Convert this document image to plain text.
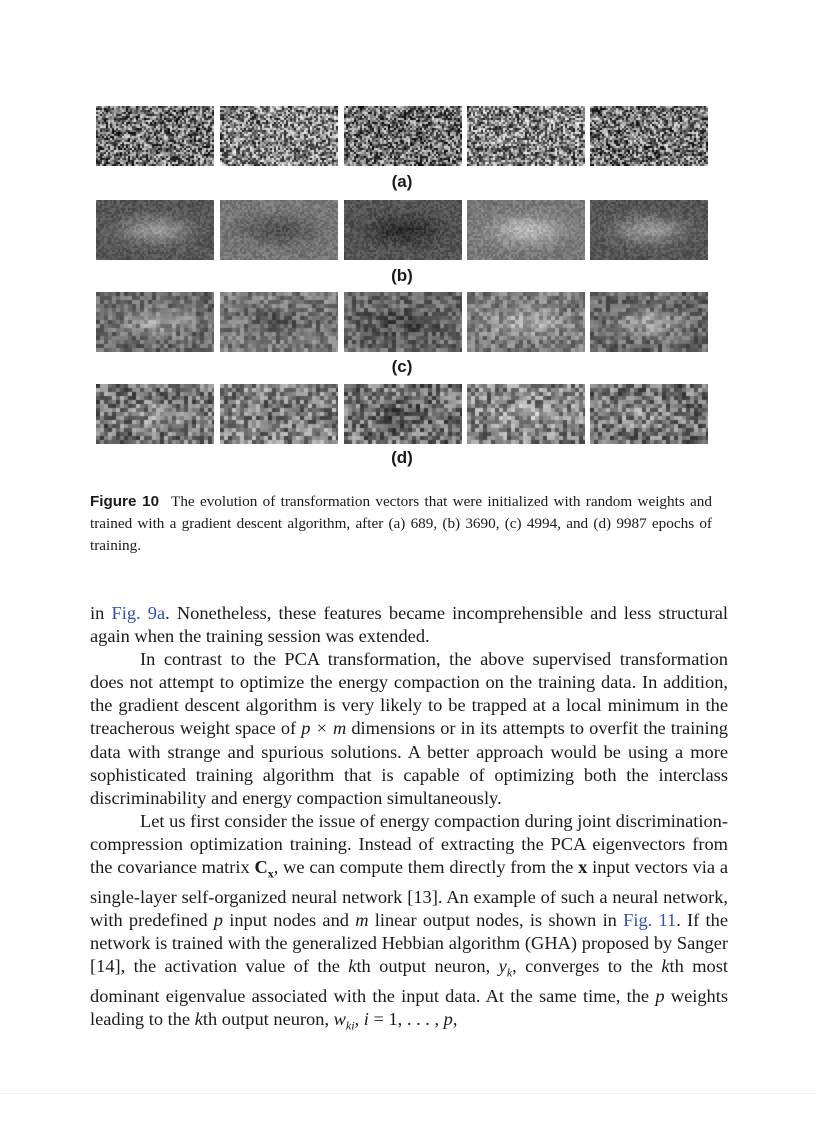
(a)
(b)
(c)
(d)
Figure 10 The evolution of transformation vectors that were initialized with random weights and trained with a gradient descent algorithm, after (a) 689, (b) 3690, (c) 4994, and (d) 9987 epochs of training.

in Fig. 9a. Nonetheless, these features became incomprehensible and less structural again when the training session was extended.

In contrast to the PCA transformation, the above supervised transformation does not attempt to optimize the energy compaction on the training data. In addition, the gradient descent algorithm is very likely to be trapped at a local minimum in the treacherous weight space of p × m dimensions or in its attempts to overfit the training data with strange and spurious solutions. A better approach would be using a more sophisticated training algorithm that is capable of optimizing both the interclass discriminability and energy compaction simultaneously.

Let us first consider the issue of energy compaction during joint discrimination-compression optimization training. Instead of extracting the PCA eigenvectors from the covariance matrix $C_x$, we can compute them directly from the x input vectors via a single-layer self-organized neural network [13]. An example of such a neural network, with predefined p input nodes and m linear output nodes, is shown in Fig. 11. If the network is trained with the generalized Hebbian algorithm (GHA) proposed by Sanger [14], the activation value of the kth output neuron, $y_k$, converges to the kth most dominant eigenvalue associated with the input data. At the same time, the p weights leading to the kth output neuron, $w_{ki}$, i = 1, . . . , p,
